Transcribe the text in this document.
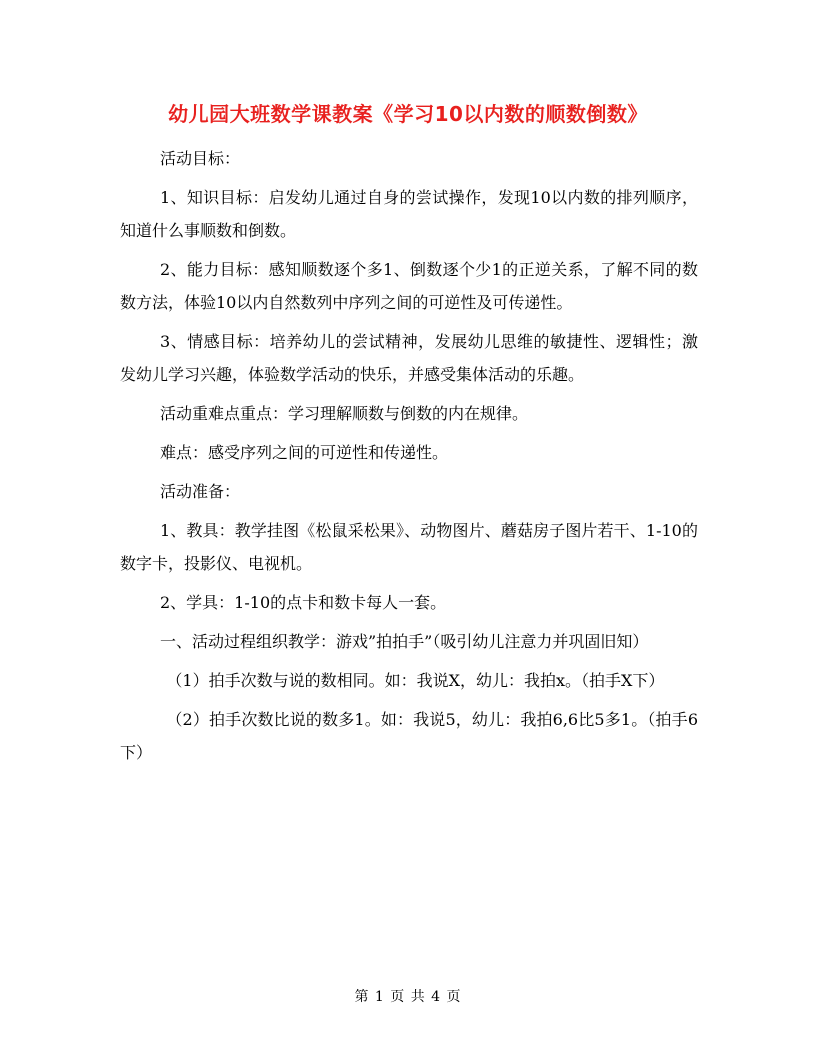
幼儿园大班数学课教案《学习10以内数的顺数倒数》

活动目标：

1、知识目标：启发幼儿通过自身的尝试操作，发现10以内数的排列顺序，知道什么事顺数和倒数。

2、能力目标：感知顺数逐个多1、倒数逐个少1的正逆关系，了解不同的数数方法，体验10以内自然数列中序列之间的可逆性及可传递性。

3、情感目标：培养幼儿的尝试精神，发展幼儿思维的敏捷性、逻辑性；激发幼儿学习兴趣，体验数学活动的快乐，并感受集体活动的乐趣。

活动重难点重点：学习理解顺数与倒数的内在规律。

难点：感受序列之间的可逆性和传递性。

活动准备：

1、教具：教学挂图《松鼠采松果》、动物图片、蘑菇房子图片若干、1-10的数字卡，投影仪、电视机。

2、学具：1-10的点卡和数卡每人一套。

一、活动过程组织教学：游戏”拍拍手”（吸引幼儿注意力并巩固旧知）

（1）拍手次数与说的数相同。如：我说X，幼儿：我拍x。（拍手X下）

（2）拍手次数比说的数多1。如：我说5，幼儿：我拍6,6比5多1。（拍手6下）

第 1 页 共 4 页
